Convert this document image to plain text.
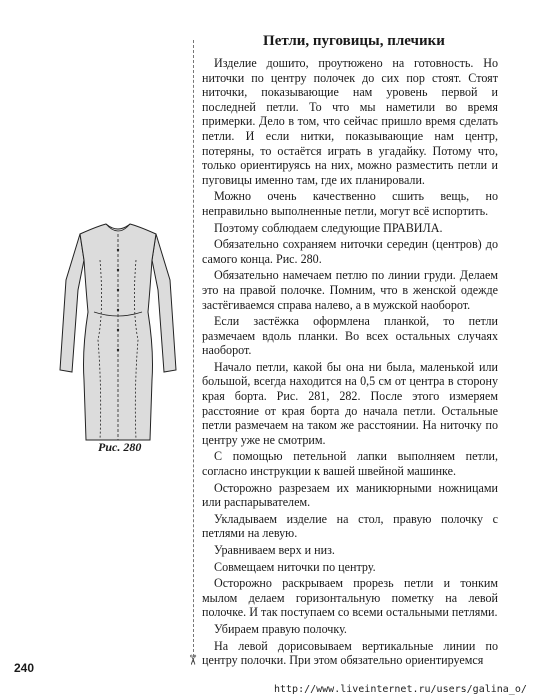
Петли, пуговицы, плечики
✂
Рис. 280

Изделие дошито, проутюжено на готовность. Но ниточки по центру полочек до сих пор стоят. Стоят ниточки, показывающие нам уровень первой и последней петли. То что мы наметили во время примерки. Дело в том, что сейчас пришло время сделать петли. И если нитки, показывающие нам центр, потеряны, то остаётся играть в угадайку. Потому что, только ориентируясь на них, можно разместить петли и пуговицы именно там, где их планировали.

Можно очень качественно сшить вещь, но неправильно выполненные петли, могут всё испортить.

Поэтому соблюдаем следующие ПРАВИЛА.

Обязательно сохраняем ниточки середин (центров) до самого конца. Рис. 280.

Обязательно намечаем петлю по линии груди. Делаем это на правой полочке. Помним, что в женской одежде застёгиваемся справа налево, а в мужской наоборот.

Если застёжка оформлена планкой, то петли размечаем вдоль планки. Во всех остальных случаях наоборот.

Начало петли, какой бы она ни была, маленькой или большой, всегда находится на 0,5 см от центра в сторону края борта. Рис. 281, 282. После этого измеряем расстояние от края борта до начала петли. Остальные петли размечаем на таком же расстоянии. На ниточку по центру уже не смотрим.

С помощью петельной лапки выполняем петли, согласно инструкции к вашей швейной машинке.

Осторожно разрезаем их маникюрными ножницами или распарывателем.

Укладываем изделие на стол, правую полочку с петлями на левую.

Уравниваем верх и низ.

Совмещаем ниточки по центру.

Осторожно раскрываем прорезь петли и тонким мылом делаем горизонтальную пометку на левой полочке. И так поступаем со всеми остальными петлями.

Убираем правую полочку.

На левой дорисовываем вертикальные линии по центру полочки. При этом обязательно ориентируемся

240
http://www.liveinternet.ru/users/galina_o/
